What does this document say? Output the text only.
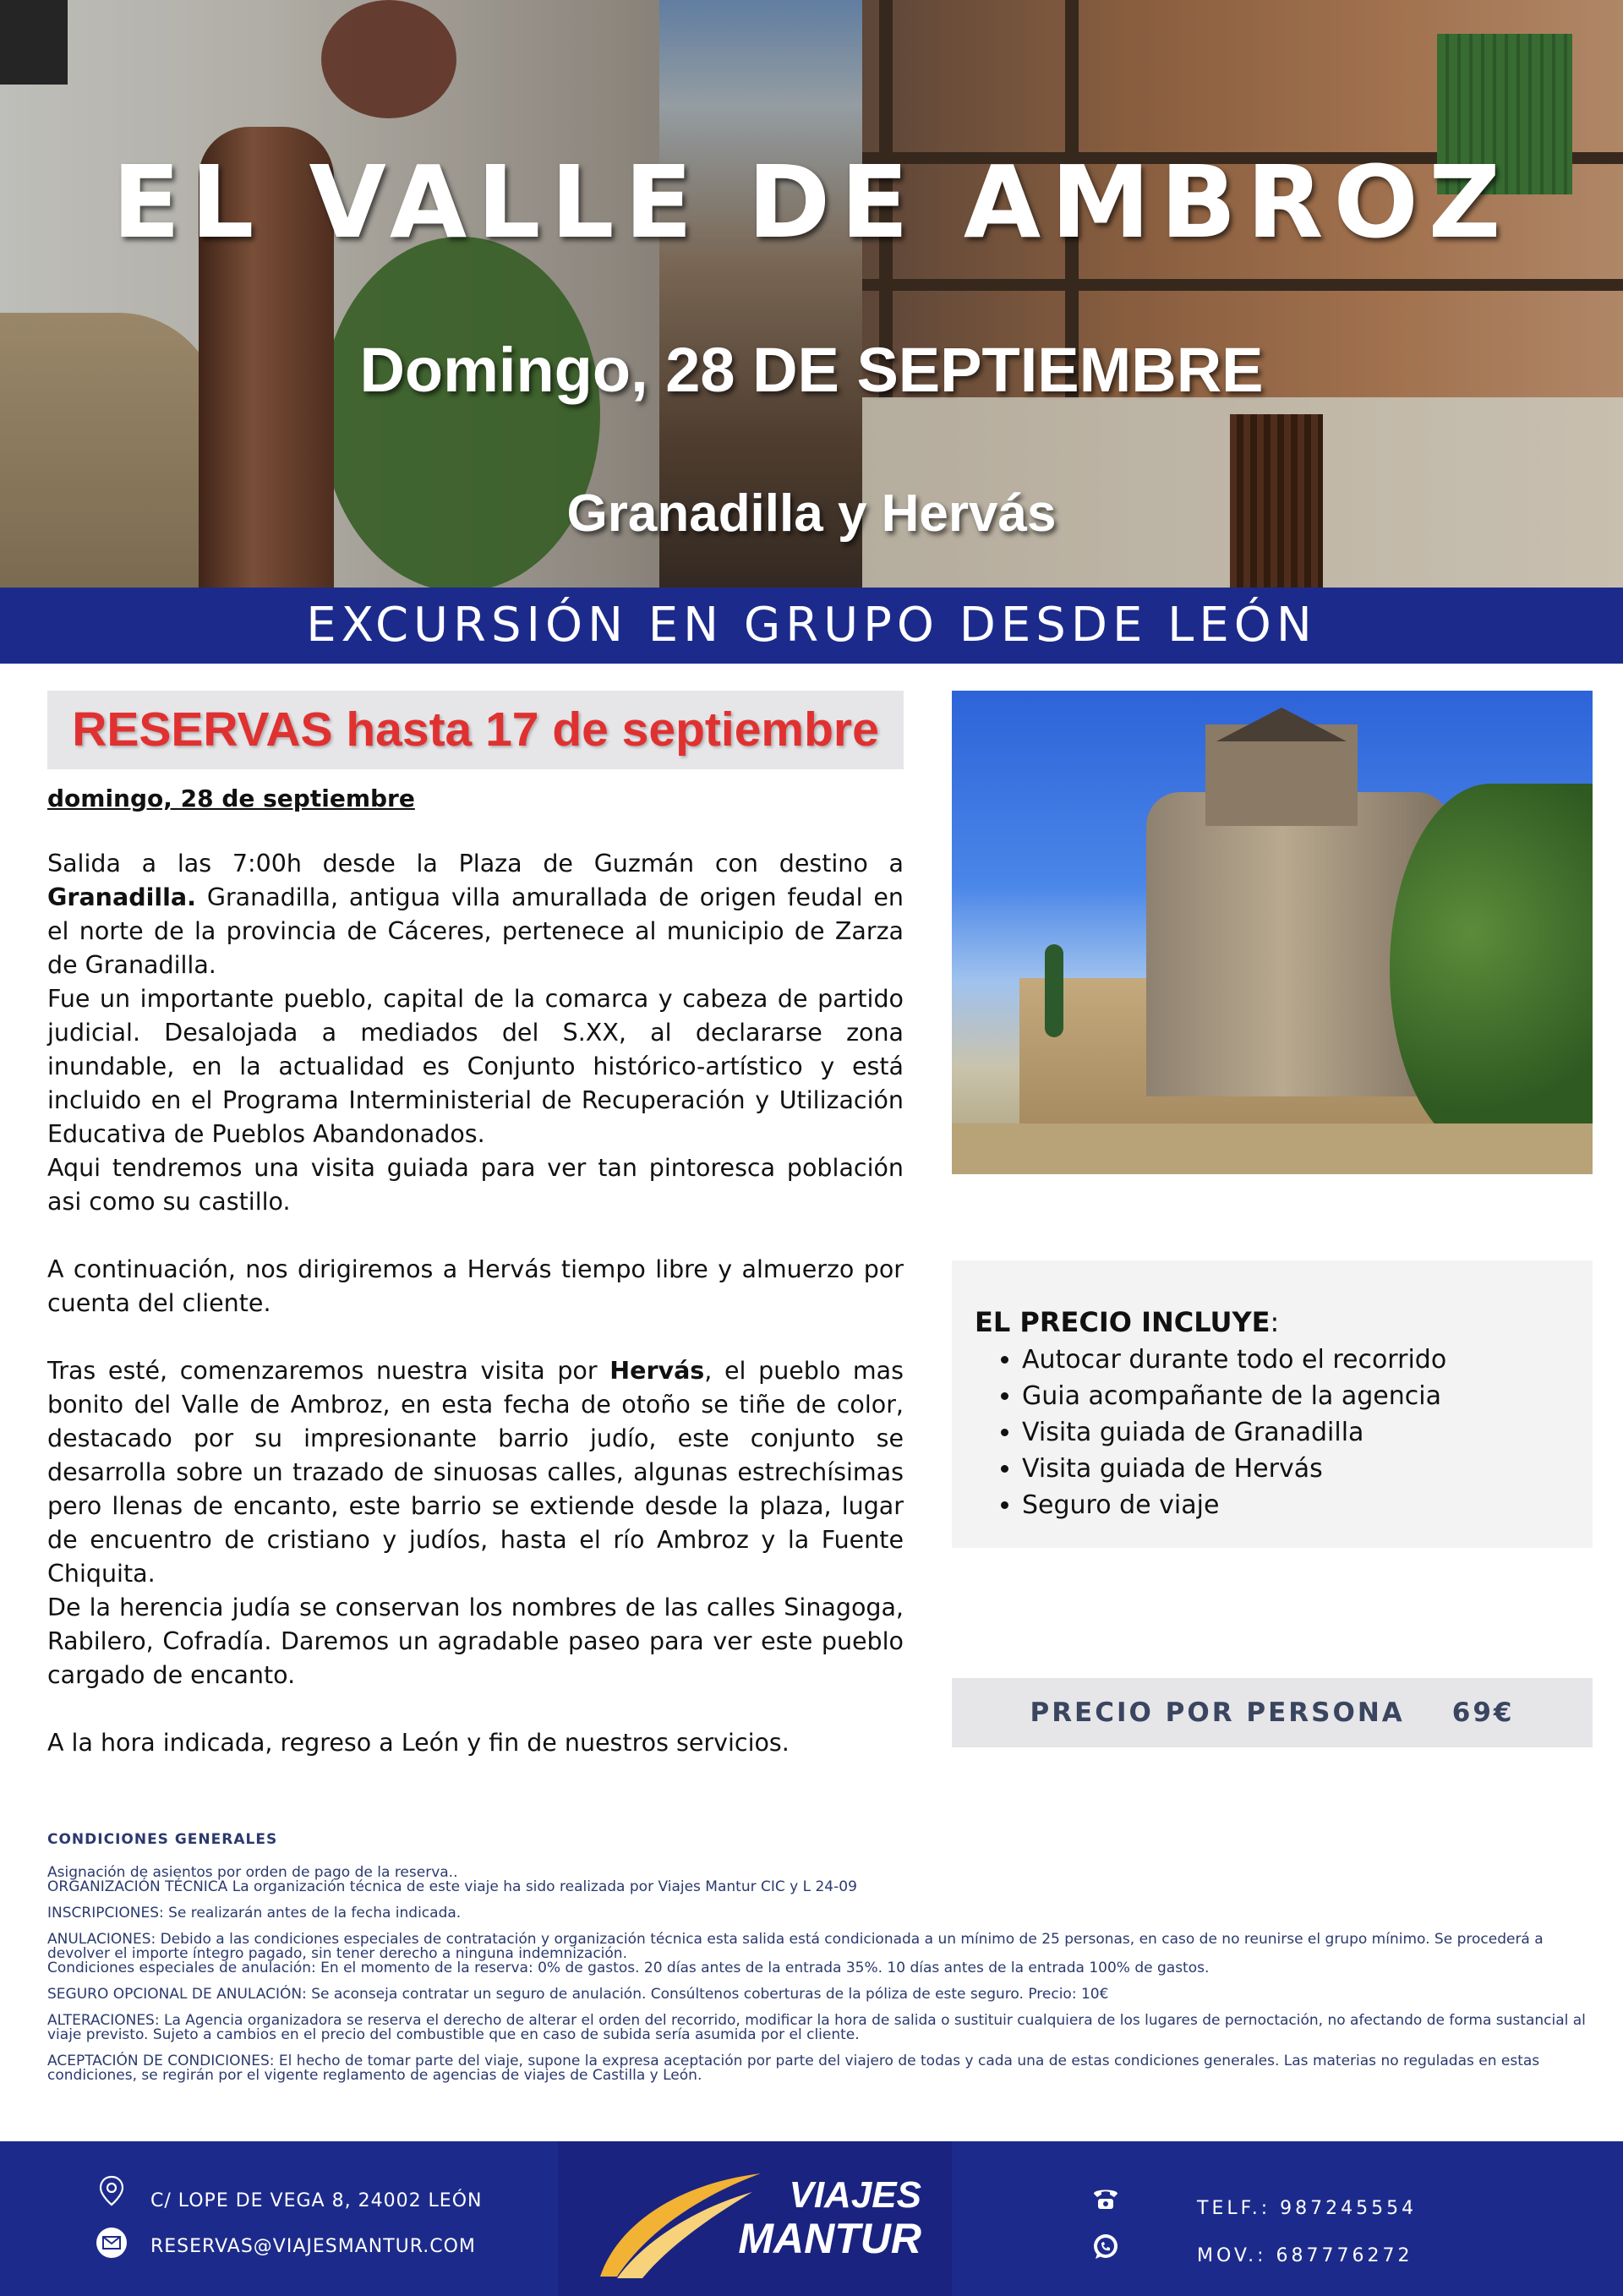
EL VALLE DE AMBROZ
Domingo, 28 DE SEPTIEMBRE
Granadilla y Hervás
EXCURSIÓN EN GRUPO DESDE LEÓN
RESERVAS hasta 17 de septiembre
domingo, 28 de septiembre

Salida a las 7:00h desde la Plaza de Guzmán con destino a Granadilla. Granadilla, antigua villa amurallada de origen feudal en el norte de la provincia de Cáceres, pertenece al municipio de Zarza de Granadilla.

Fue un importante pueblo, capital de la comarca y cabeza de partido judicial. Desalojada a mediados del S.XX, al declararse zona inundable, en la actualidad es Conjunto histórico-artístico y está incluido en el Programa Interministerial de Recuperación y Utilización Educativa de Pueblos Abandonados.

Aqui tendremos una visita guiada para ver tan pintoresca población asi como su castillo.

A continuación, nos dirigiremos a Hervás tiempo libre y almuerzo por cuenta del cliente.

Tras esté, comenzaremos nuestra visita por Hervás, el pueblo mas bonito del Valle de Ambroz, en esta fecha de otoño se tiñe de color, destacado por su impresionante barrio judío, este conjunto se desarrolla sobre un trazado de sinuosas calles, algunas estrechísimas pero llenas de encanto, este barrio se extiende desde la plaza, lugar de encuentro de cristiano y judíos, hasta el río Ambroz y la Fuente Chiquita.

De la herencia judía se conservan los nombres de las calles Sinagoga, Rabilero, Cofradía. Daremos un agradable paseo para ver este pueblo cargado de encanto.

A la hora indicada, regreso a León y fin de nuestros servicios.

EL PRECIO INCLUYE:
• Autocar durante todo el recorrido
• Guia acompañante de la agencia
• Visita guiada de Granadilla
• Visita guiada de Hervás
• Seguro de viaje
PRECIO POR PERSONA 69€
CONDICIONES GENERALES

Asignación de asientos por orden de pago de la reserva..

ORGANIZACIÓN TÉCNICA La organización técnica de este viaje ha sido realizada por Viajes Mantur CIC y L 24-09

INSCRIPCIONES: Se realizarán antes de la fecha indicada.

ANULACIONES: Debido a las condiciones especiales de contratación y organización técnica esta salida está condicionada a un mínimo de 25 personas, en caso de no reunirse el grupo mínimo. Se procederá a devolver el importe íntegro pagado, sin tener derecho a ninguna indemnización.

Condiciones especiales de anulación: En el momento de la reserva: 0% de gastos. 20 días antes de la entrada 35%. 10 días antes de la entrada 100% de gastos.

SEGURO OPCIONAL DE ANULACIÓN: Se aconseja contratar un seguro de anulación. Consúltenos coberturas de la póliza de este seguro. Precio: 10€

ALTERACIONES: La Agencia organizadora se reserva el derecho de alterar el orden del recorrido, modificar la hora de salida o sustituir cualquiera de los lugares de pernoctación, no afectando de forma sustancial al viaje previsto. Sujeto a cambios en el precio del combustible que en caso de subida sería asumida por el cliente.

ACEPTACIÓN DE CONDICIONES: El hecho de tomar parte del viaje, supone la expresa aceptación por parte del viajero de todas y cada una de estas condiciones generales. Las materias no reguladas en estas condiciones, se regirán por el vigente reglamento de agencias de viajes de Castilla y León.

C/ LOPE DE VEGA 8, 24002 LEÓN
RESERVAS@VIAJESMANTUR.COM
VIAJES
MANTUR
TELF.: 987245554
MOV.: 687776272
